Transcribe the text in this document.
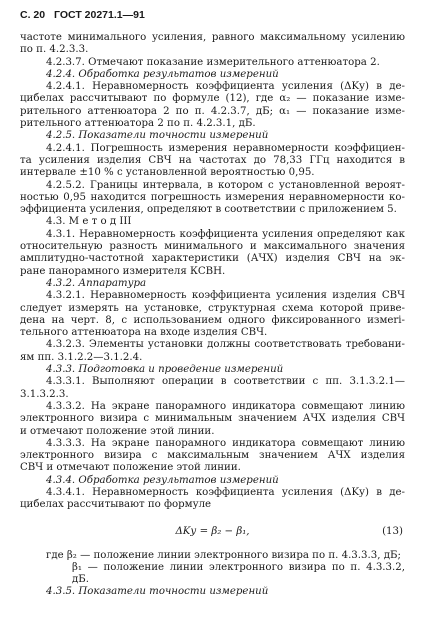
С. 20 ГОСТ 20271.1—91

частоте минимального усиления, равного максимальному усилению

по п. 4.2.3.3.

4.2.3.7. Отмечают показание измерительного аттенюатора 2.

4.2.4. Обработка результатов измерений

4.2.4.1. Неравномерность коэффициента усиления (ΔKу) в де-

цибелах рассчитывают по формуле (12), где α₂ — показание изме-

рительного аттенюатора 2 по п. 4.2.3.7, дБ; α₁ — показание изме-

рительного аттенюатора 2 по п. 4.2.3.1, дБ.

4.2.5. Показатели точности измерений

4.2.4.1. Погрешность измерения неравномерности коэффициен-

та усиления изделия СВЧ на частотах до 78,33 ГГц находится в

интервале ±10 % с установленной вероятностью 0,95.

4.2.5.2. Границы интервала, в котором с установленной вероят-

ностью 0,95 находится погрешность измерения неравномерности ко-

эффициента усиления, определяют в соответствии с приложением 5.

4.3. М е т о д III

4.3.1. Неравномерность коэффициента усиления определяют как

относительную разность минимального и максимального значения

амплитудно-частотной характеристики (АЧХ) изделия СВЧ на эк-

ране панорамного измерителя КСВН.

4.3.2. Аппаратура

4.3.2.1. Неравномерность коэффициента усиления изделия СВЧ

следует измерять на установке, структурная схема которой приве-

дена на черт. 8, с использованием одного фиксированного измеri-

тельного аттенюатора на входе изделия СВЧ.

4.3.2.3. Элементы установки должны соответствовать требовани-

ям пп. 3.1.2.2—3.1.2.4.

4.3.3. Подготовка и проведение измерений

4.3.3.1. Выполняют операции в соответствии с пп. 3.1.3.2.1—

3.1.3.2.3.

4.3.3.2. На экране панорамного индикатора совмещают линию

электронного визира с минимальным значением АЧХ изделия СВЧ

и отмечают положение этой линии.

4.3.3.3. На экране панорамного индикатора совмещают линию

электронного визира с максимальным значением АЧХ изделия

СВЧ и отмечают положение этой линии.

4.3.4. Обработка результатов измерений

4.3.4.1. Неравномерность коэффициента усиления (ΔKу) в де-

цибелах рассчитывают по формуле

ΔKу = β₂ − β₁,	(13)

где β₂ — положение линии электронного визира по п. 4.3.3.3, дБ;

β₁ — положение линии электронного визира по п. 4.3.3.2, дБ.

4.3.5. Показатели точности измерений
